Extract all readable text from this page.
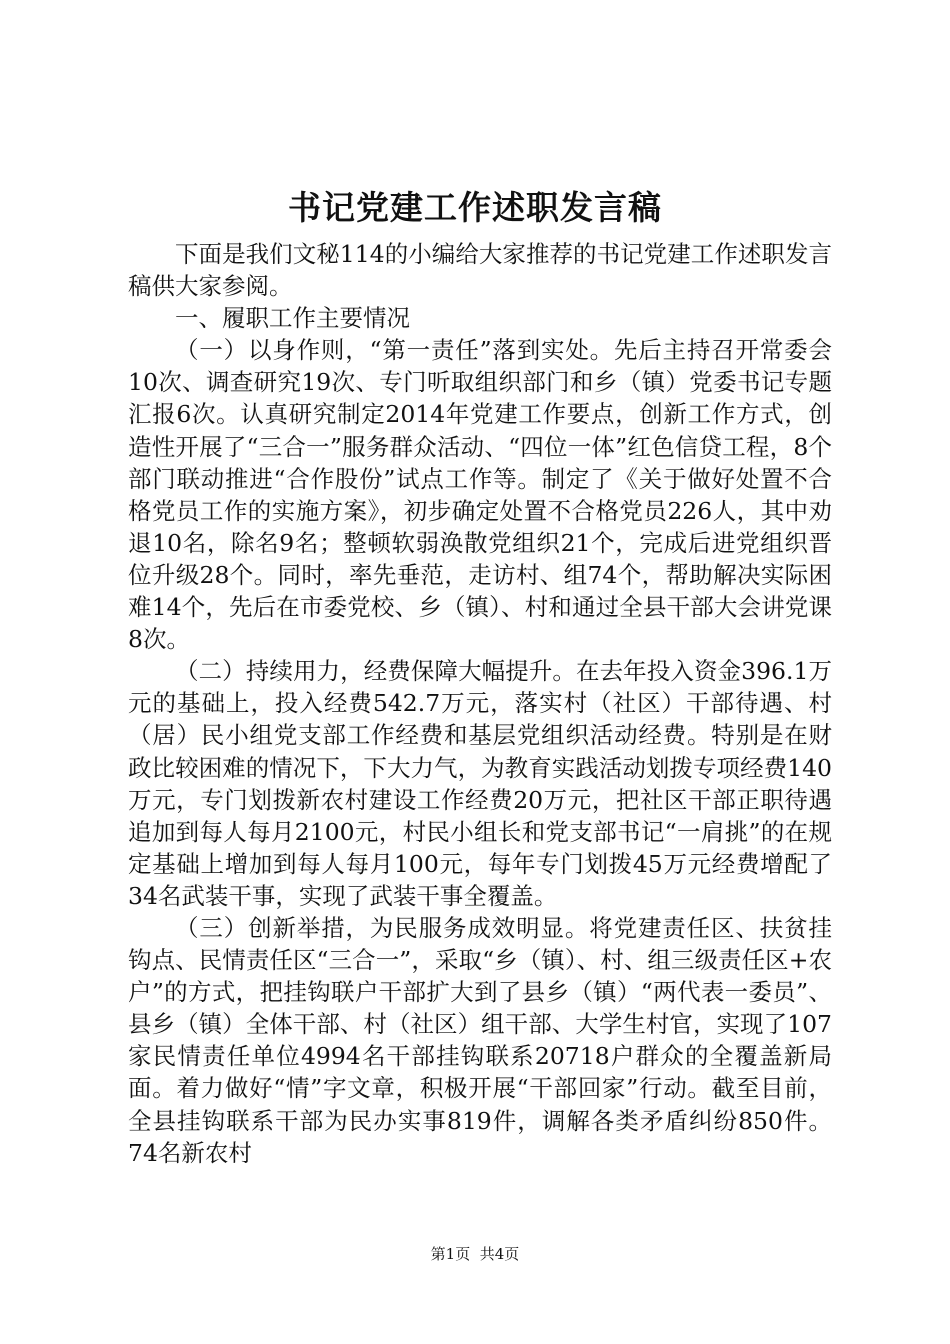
书记党建工作述职发言稿

下面是我们文秘114的小编给大家推荐的书记党建工作述职发言稿供大家参阅。

一、履职工作主要情况

（一）以身作则，“第一责任”落到实处。先后主持召开常委会10次、调查研究19次、专门听取组织部门和乡（镇）党委书记专题汇报6次。认真研究制定2014年党建工作要点，创新工作方式，创造性开展了“三合一”服务群众活动、“四位一体”红色信贷工程，8个部门联动推进“合作股份”试点工作等。制定了《关于做好处置不合格党员工作的实施方案》，初步确定处置不合格党员226人，其中劝退10名，除名9名；整顿软弱涣散党组织21个，完成后进党组织晋位升级28个。同时，率先垂范，走访村、组74个，帮助解决实际困难14个，先后在市委党校、乡（镇）、村和通过全县干部大会讲党课8次。

（二）持续用力，经费保障大幅提升。在去年投入资金396.1万元的基础上，投入经费542.7万元，落实村（社区）干部待遇、村（居）民小组党支部工作经费和基层党组织活动经费。特别是在财政比较困难的情况下，下大力气，为教育实践活动划拨专项经费140万元，专门划拨新农村建设工作经费20万元，把社区干部正职待遇追加到每人每月2100元，村民小组长和党支部书记“一肩挑”的在规定基础上增加到每人每月100元，每年专门划拨45万元经费增配了34名武装干事，实现了武装干事全覆盖。

（三）创新举措，为民服务成效明显。将党建责任区、扶贫挂钩点、民情责任区“三合一”，采取“乡（镇）、村、组三级责任区+农户”的方式，把挂钩联户干部扩大到了县乡（镇）“两代表一委员”、县乡（镇）全体干部、村（社区）组干部、大学生村官，实现了107家民情责任单位4994名干部挂钩联系20718户群众的全覆盖新局面。着力做好“情”字文章，积极开展“干部回家”行动。截至目前，全县挂钩联系干部为民办实事819件，调解各类矛盾纠纷850件。74名新农村

第1页 共4页
